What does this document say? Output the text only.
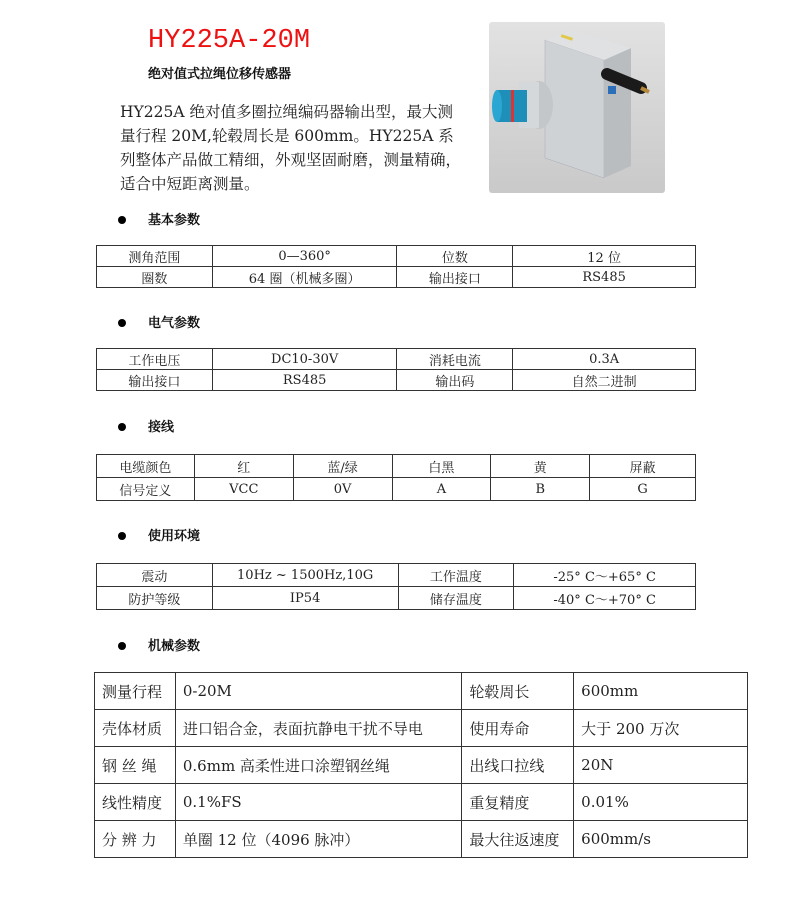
HY225A-20M
绝对值式拉绳位移传感器
HY225A 绝对值多圈拉绳编码器输出型，最大测量行程 20M,轮毂周长是 600mm。HY225A 系列整体产品做工精细，外观坚固耐磨，测量精确，适合中短距离测量。
基本参数
测角范围	0—360°	位数	12 位
圈数	64 圈（机械多圈）	输出接口	RS485
电气参数
工作电压	DC10-30V	消耗电流	0.3A
输出接口	RS485	输出码	自然二进制
接线
电缆颜色	红	蓝/绿	白黑	黄	屏蔽
信号定义	VCC	0V	A	B	G
使用环境
震动	10Hz ~ 1500Hz,10G	工作温度	-25° C～+65° C
防护等级	IP54	储存温度	-40° C～+70° C
机械参数
测量行程	0-20M	轮毂周长	600mm
壳体材质	进口铝合金，表面抗静电干扰不导电	使用寿命	大于 200 万次
钢 丝 绳	0.6mm 高柔性进口涂塑钢丝绳	出线口拉线	20N
线性精度	0.1%FS	重复精度	0.01%
分 辨 力	单圈 12 位（4096 脉冲）	最大往返速度	600mm/s
